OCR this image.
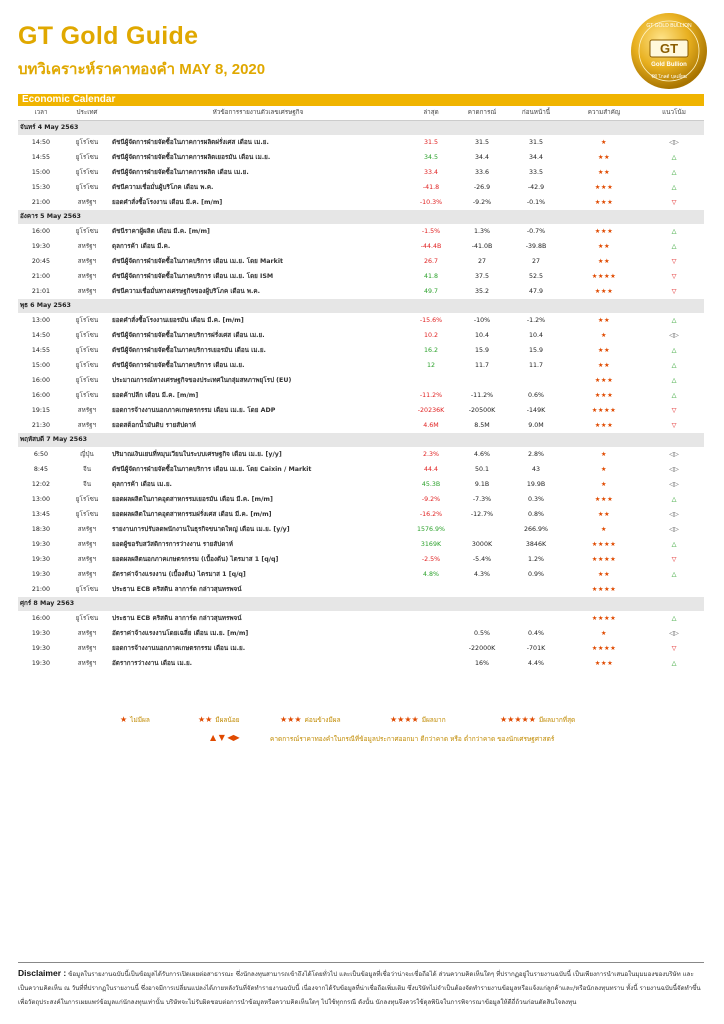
GT Gold Guide
บทวิเคราะห์ราคาทองคำ MAY 8, 2020
GT
GT GOLD BULLION
Gold Bullion
จีที โกลด์ บุลเลี่ยน
Economic Calendar
เวลา	ประเทศ	หัวข้อการรายงานตัวเลขเศรษฐกิจ	ล่าสุด	คาดการณ์	ก่อนหน้านี้	ความสำคัญ	แนวโน้ม
จันทร์ 4 May 2563							
14:50	ยูโรโซน	ดัชนีผู้จัดการฝ่ายจัดซื้อในภาคการผลิตฝรั่งเศส เดือน เม.ย.	31.5	31.5	31.5	★	◁▷
14:55	ยูโรโซน	ดัชนีผู้จัดการฝ่ายจัดซื้อในภาคการผลิตเยอรมัน เดือน เม.ย.	34.5	34.4	34.4	★★	△
15:00	ยูโรโซน	ดัชนีผู้จัดการฝ่ายจัดซื้อในภาคการผลิต เดือน เม.ย.	33.4	33.6	33.5	★★	△
15:30	ยูโรโซน	ดัชนีความเชื่อมั่นผู้บริโภค เดือน พ.ค.	-41.8	-26.9	-42.9	★★★	△
21:00	สหรัฐฯ	ยอดคำสั่งซื้อโรงงาน เดือน มี.ค. [m/m]	-10.3%	-9.2%	-0.1%	★★★	▽
อังคาร 5 May 2563							
16:00	ยูโรโซน	ดัชนีราคาผู้ผลิต เดือน มี.ค. [m/m]	-1.5%	1.3%	-0.7%	★★★	△
19:30	สหรัฐฯ	ดุลการค้า เดือน มี.ค.	-44.4B	-41.0B	-39.8B	★★	△
20:45	สหรัฐฯ	ดัชนีผู้จัดการฝ่ายจัดซื้อในภาคบริการ เดือน เม.ย. โดย Markit	26.7	27	27	★★	▽
21:00	สหรัฐฯ	ดัชนีผู้จัดการฝ่ายจัดซื้อในภาคบริการ เดือน เม.ย. โดย ISM	41.8	37.5	52.5	★★★★	▽
21:01	สหรัฐฯ	ดัชนีความเชื่อมั่นทางเศรษฐกิจของผู้บริโภค เดือน พ.ค.	49.7	35.2	47.9	★★★	▽
พุธ 6 May 2563							
13:00	ยูโรโซน	ยอดคำสั่งซื้อโรงงานเยอรมัน เดือน มี.ค. [m/m]	-15.6%	-10%	-1.2%	★★	△
14:50	ยูโรโซน	ดัชนีผู้จัดการฝ่ายจัดซื้อในภาคบริการฝรั่งเศส เดือน เม.ย.	10.2	10.4	10.4	★	◁▷
14:55	ยูโรโซน	ดัชนีผู้จัดการฝ่ายจัดซื้อในภาคบริการเยอรมัน เดือน เม.ย.	16.2	15.9	15.9	★★	△
15:00	ยูโรโซน	ดัชนีผู้จัดการฝ่ายจัดซื้อในภาคบริการ เดือน เม.ย.	12	11.7	11.7	★★	△
16:00	ยูโรโซน	ประมาณการณ์ทางเศรษฐกิจของประเทศในกลุ่มสหภาพยุโรป (EU)				★★★	△
16:00	ยูโรโซน	ยอดค้าปลีก เดือน มี.ค. [m/m]	-11.2%	-11.2%	0.6%	★★★	△
19:15	สหรัฐฯ	ยอดการจ้างงานนอกภาคเกษตรกรรม เดือน เม.ย. โดย ADP	-20236K	-20500K	-149K	★★★★	▽
21:30	สหรัฐฯ	ยอดสต็อกน้ำมันดิบ รายสัปดาห์	4.6M	8.5M	9.0M	★★★	▽
พฤหัสบดี 7 May 2563							
6:50	ญี่ปุ่น	ปริมาณเงินเยนที่หมุนเวียนในระบบเศรษฐกิจ เดือน เม.ย. [y/y]	2.3%	4.6%	2.8%	★	◁▷
8:45	จีน	ดัชนีผู้จัดการฝ่ายจัดซื้อในภาคบริการ เดือน เม.ย. โดย Caixin / Markit	44.4	50.1	43	★	◁▷
12:02	จีน	ดุลการค้า เดือน เม.ย.	45.3B	9.1B	19.9B	★	◁▷
13:00	ยูโรโซน	ยอดผลผลิตในภาคอุตสาหกรรมเยอรมัน เดือน มี.ค. [m/m]	-9.2%	-7.3%	0.3%	★★★	△
13:45	ยูโรโซน	ยอดผลผลิตในภาคอุตสาหกรรมฝรั่งเศส เดือน มี.ค. [m/m]	-16.2%	-12.7%	0.8%	★★	◁▷
18:30	สหรัฐฯ	รายงานการปรับลดพนักงานในธุรกิจขนาดใหญ่ เดือน เม.ย. [y/y]	1576.9%		266.9%	★	◁▷
19:30	สหรัฐฯ	ยอดผู้ขอรับสวัสดิการการว่างงาน รายสัปดาห์	3169K	3000K	3846K	★★★★	△
19:30	สหรัฐฯ	ยอดผลผลิตนอกภาคเกษตรกรรม (เบื้องต้น) ไตรมาส 1 [q/q]	-2.5%	-5.4%	1.2%	★★★★	▽
19:30	สหรัฐฯ	อัตราค่าจ้างแรงงาน (เบื้องต้น) ไตรมาส 1 [q/q]	4.8%	4.3%	0.9%	★★	△
21:00	ยูโรโซน	ประธาน ECB คริสติน ลาการ์ด กล่าวสุนทรพจน์				★★★★	
ศุกร์ 8 May 2563							
16:00	ยูโรโซน	ประธาน ECB คริสติน ลาการ์ด กล่าวสุนทรพจน์				★★★★	△
19:30	สหรัฐฯ	อัตราค่าจ้างแรงงานโดยเฉลี่ย เดือน เม.ย. [m/m]		0.5%	0.4%	★	◁▷
19:30	สหรัฐฯ	ยอดการจ้างงานนอกภาคเกษตรกรรม เดือน เม.ย.		-22000K	-701K	★★★★	▽
19:30	สหรัฐฯ	อัตราการว่างงาน เดือน เม.ย.		16%	4.4%	★★★	△
★ ไม่มีผล	★★ มีผลน้อย	★★★ ค่อนข้างมีผล	★★★★ มีผลมาก	★★★★★ มีผลมากที่สุด
▲ ▼ ◀▶	คาดการณ์ราคาทองคำในกรณีที่ข้อมูลประกาศออกมา ดีกว่าคาด หรือ ต่ำกว่าคาด ของนักเศรษฐศาสตร์
Disclaimer : ข้อมูลในรายงานฉบับนี้เป็นข้อมูลได้รับการเปิดเผยต่อสาธารณะ ซึ่งนักลงทุนสามารถเข้าถึงได้โดยทั่วไป และเป็นข้อมูลที่เชื่อว่าน่าจะเชื่อถือได้ ส่วนความคิดเห็นใดๆ ที่ปรากฏอยู่ในรายงานฉบับนี้ เป็นเพียงการนำเสนอในมุมมองของบริษัท และเป็นความคิดเห็น ณ วันที่ที่ปรากฏในรายงานนี้ ซึ่งอาจมีการเปลี่ยนแปลงได้ภายหลังวันที่จัดทำรายงานฉบับนี้ เนื่องจากได้รับข้อมูลที่น่าเชื่อถือเพิ่มเติม ซึ่งบริษัทไม่จำเป็นต้องจัดทำรายงานข้อมูลหรือแจ้งแก่ลูกค้าและ/หรือนักลงทุนทราบ ทั้งนี้ รายงานฉบับนี้จัดทำขึ้นเพื่อวัตถุประสงค์ในการเผยแพร่ข้อมูลแก่นักลงทุนเท่านั้น บริษัทจะไม่รับผิดชอบต่อการนำข้อมูลหรือความคิดเห็นใดๆ ไปใช้ทุกกรณี ดังนั้น นักลงทุนจึงควรใช้ดุลพินิจในการพิจารณาข้อมูลให้ดีถี่ถ้วนก่อนตัดสินใจลงทุน
